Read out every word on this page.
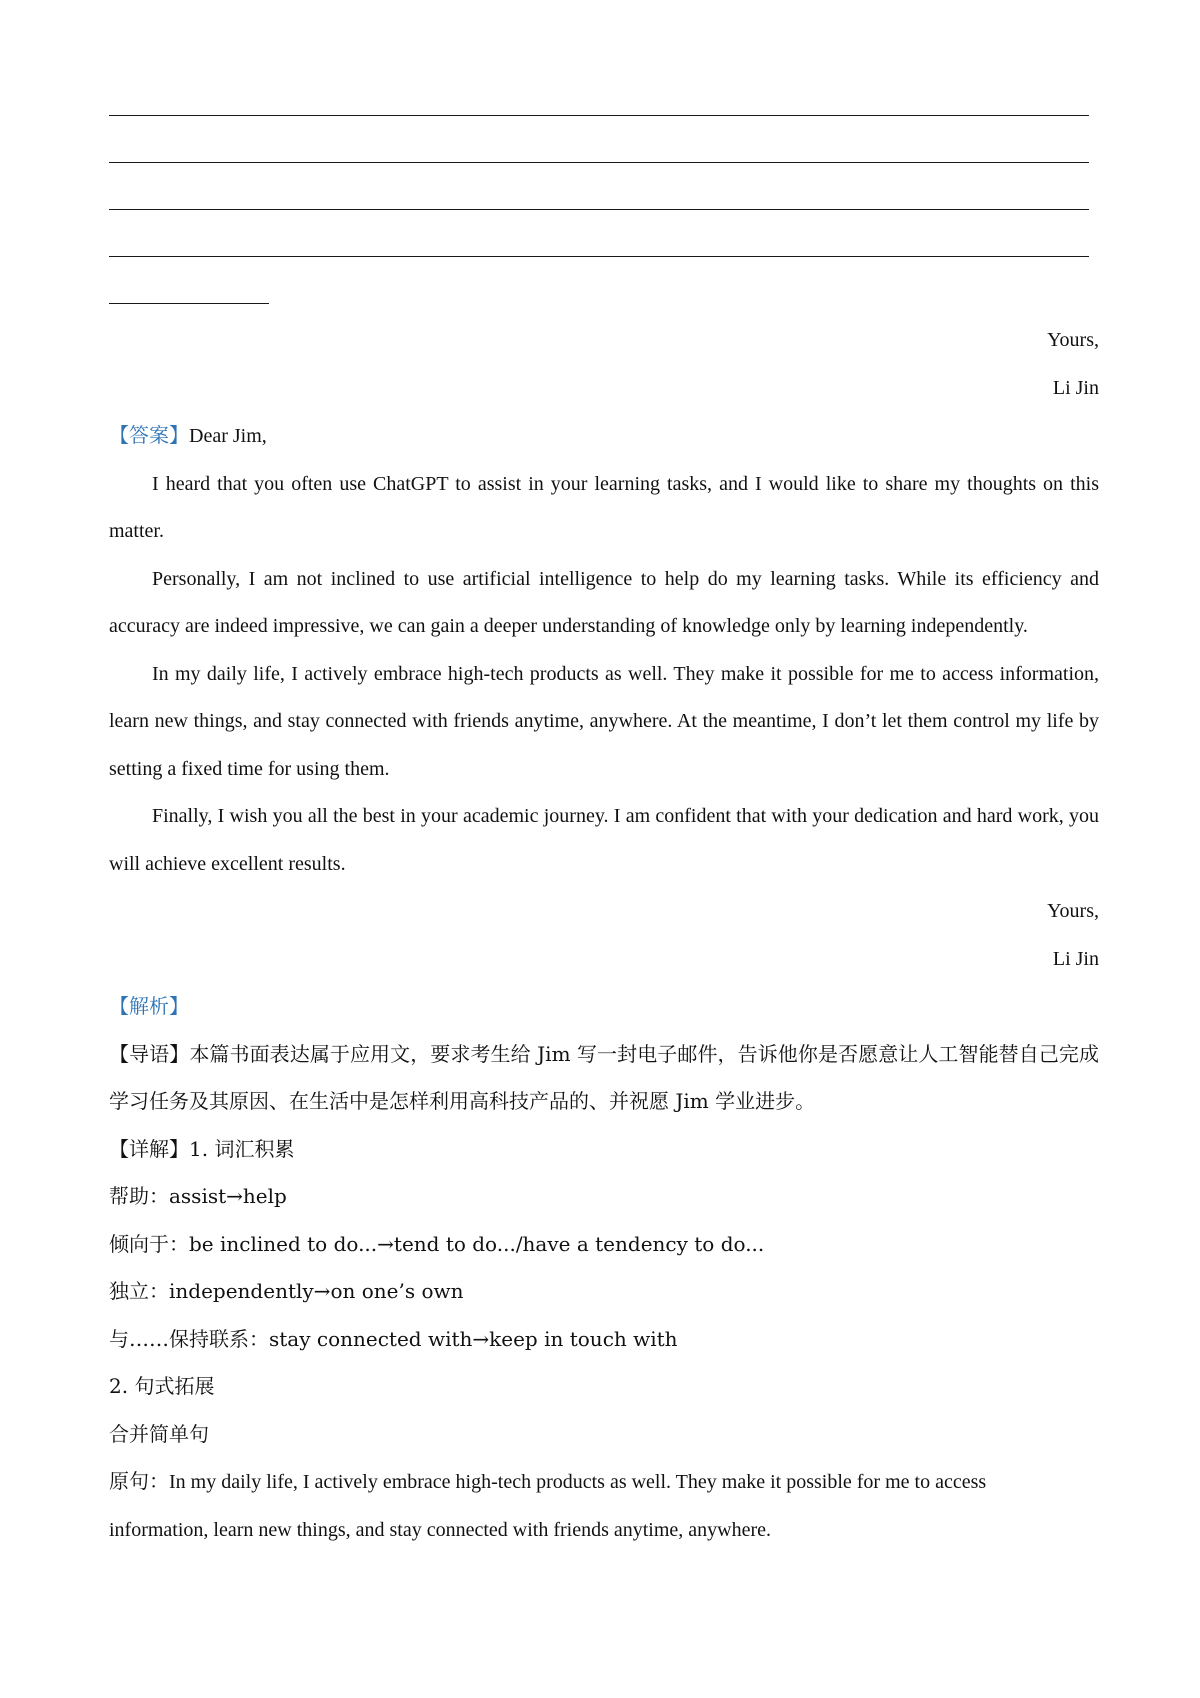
Yours,
Li Jin
【答案】Dear Jim,

I heard that you often use ChatGPT to assist in your learning tasks, and I would like to share my thoughts on this matter.

Personally, I am not inclined to use artificial intelligence to help do my learning tasks. While its efficiency and accuracy are indeed impressive, we can gain a deeper understanding of knowledge only by learning independently.

In my daily life, I actively embrace high-tech products as well. They make it possible for me to access information, learn new things, and stay connected with friends anytime, anywhere. At the meantime, I don’t let them control my life by setting a fixed time for using them.

Finally, I wish you all the best in your academic journey. I am confident that with your dedication and hard work, you will achieve excellent results.

Yours,
Li Jin
【解析】

【导语】本篇书面表达属于应用文，要求考生给 Jim 写一封电子邮件，告诉他你是否愿意让人工智能替自己完成学习任务及其原因、在生活中是怎样利用高科技产品的、并祝愿 Jim 学业进步。

【详解】1. 词汇积累
帮助：assist→help
倾向于：be inclined to do...→tend to do.../have a tendency to do...
独立：independently→on one’s own
与……保持联系：stay connected with→keep in touch with
2. 句式拓展
合并简单句

原句：In my daily life, I actively embrace high-tech products as well. They make it possible for me to access information, learn new things, and stay connected with friends anytime, anywhere.
